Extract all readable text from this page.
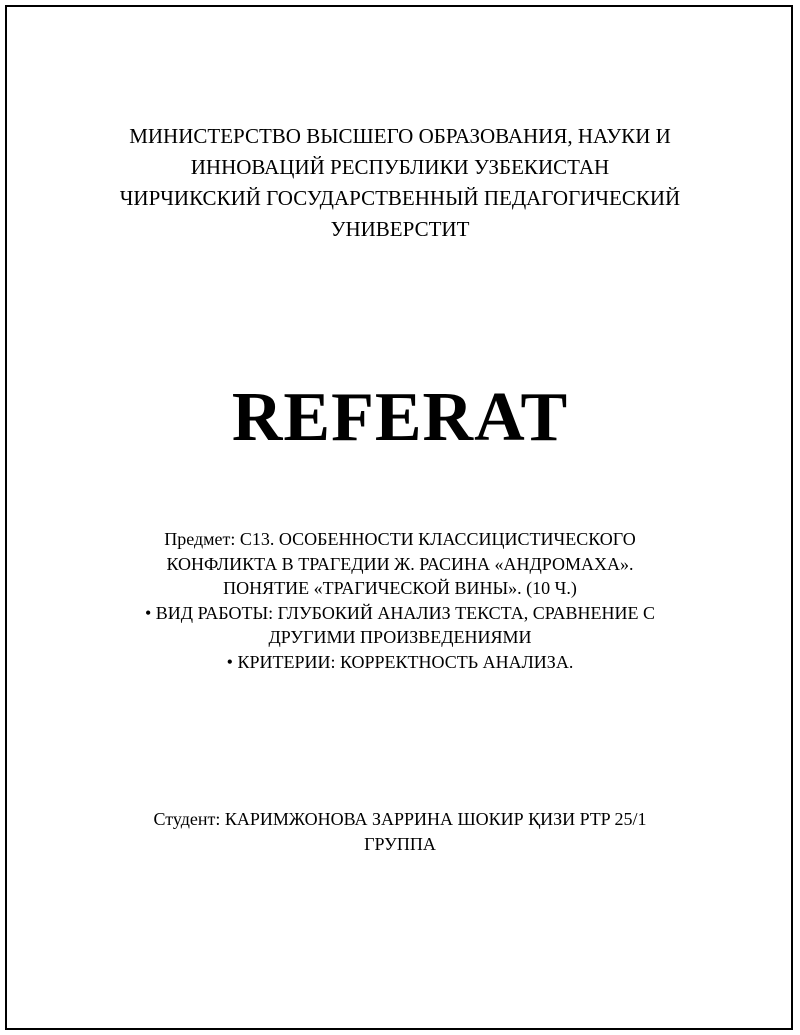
МИНИСТЕРСТВО ВЫСШЕГО ОБРАЗОВАНИЯ, НАУКИ И
ИННОВАЦИЙ РЕСПУБЛИКИ УЗБЕКИСТАН
ЧИРЧИКСКИЙ ГОСУДАРСТВЕННЫЙ ПЕДАГОГИЧЕСКИЙ
УНИВЕРСТИТ
REFERAT
Предмет: C13. ОСОБЕННОСТИ КЛАССИЦИСТИЧЕСКОГО
КОНФЛИКТА В ТРАГЕДИИ Ж. РАСИНА «АНДРОМАХА».
ПОНЯТИЕ «ТРАГИЧЕСКОЙ ВИНЫ». (10 Ч.)
• ВИД РАБОТЫ: ГЛУБОКИЙ АНАЛИЗ ТЕКСТА, СРАВНЕНИЕ С
ДРУГИМИ ПРОИЗВЕДЕНИЯМИ
• КРИТЕРИИ: КОРРЕКТНОСТЬ АНАЛИЗА.
Студент: КАРИМЖОНОВА ЗАРРИНА ШОКИР ҚИЗИ PTP 25/1
ГРУППА
